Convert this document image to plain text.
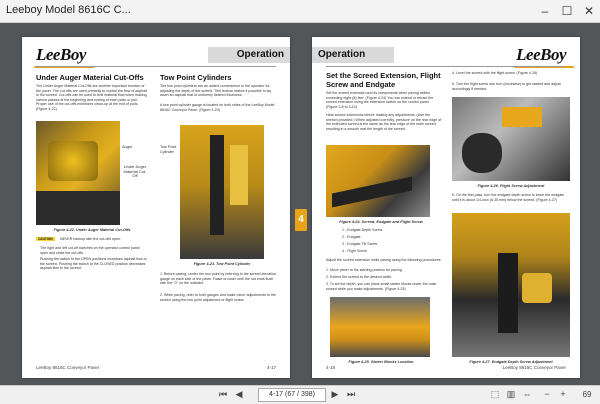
Leeboy Model 8616C C...	–	☐ ✕
LeeBoy	Operation
Under Auger Material Cut-Offs
The Under Auger Material Cut-Offs are another important function of the paver. The cut-offs are used primarily to control the flow of asphalt to the screed. Cut-offs can be used to limit material flow when making narrow passes at the beginning and ending of each pass or pull. Proper use of the cut-offs minimizes clean-up at the end of pulls. (Figure 4-22)
Auger
Under Auger Material Cut-Off
Figure 4-22. Under Auger Material Cut-Offs
CAUTION	NEVER backup with the cut-offs open.
The right and left cut-off switches on the operator control panel open and close the cut-offs.
Pushing the switch to the OPEN positions increases asphalt flow to the screed. Pushing the switch to the CLOSED position decreases asphalt flow to the screed.
Tow Point Cylinders
The tow point cylinders are an added convenience to the operator for adjusting the depth of the screed. This feature makes it possible to lay down an asphalt mat of uniformly desired thickness.
A tow point cylinder gauge is located on both sides of the LeeBoy Model 8616C Conveyor Paver. (Figure 4-23)
Tow Point Cylinder
Figure 4-23. Tow Point Cylinder
1. Before paving, center the tow point by referring to the screed elevation gauge on each side of the paver. Raise or lower until the rod ends flush with the "0" on the indicator.
2. While paving, refer to both gauges and make minor adjustments to the screed using the tow point adjustment or flight screw.
LeeBoy 8616C Conveyor Paver	4-17
4
Operation	LeeBoy
Set the Screed Extension, Flight Screw and Endgate
Set the screed extension and its components when paving widths exceeding eight (8) feet. (Figure 4-24) You can extend or retract the screed extension using the extension switch on the control panel. (Figure 3-8 to 3-10)
Heat screed extensions before making any adjustments. (Use the wrench provided.) When adjusted correctly, pressure on the rear edge of the extended screed is the same as the rear edge of the main screed, resulting in a smooth mat the length of the screed.
Figure 4-24. Screed, Endgate and Flight Screw
1 - Endgate Depth Screw
2 - Endgate
3 - Endgate Tilt Screw
4 - Flight Screw
Adjust the screed extension while paving using the following procedures:
1. Move paver to the starting position for paving.
2. Extend the screed to the desired width.
3. To set the depth, you can place small starter blocks under the main screed while you make adjustments. (Figure 4-25)
Figure 4-25. Starter Blocks Location
4. Level the screed with the flight screw. (Figure 4-26)
5. Turn the flight screw one turn (clockwise) to get started and adjust accordingly if needed.
Figure 4-26. Flight Screw Adjustment
6. On the first pass, turn the endgate depth screw to lower the endgate until it is about 1/4-inch (6.35 mm) below the screed. (Figure 4-27)
Figure 4-27. Endgate Depth Screw Adjustment
4-18	LeeBoy 8616C Conveyor Paver
⏮ ◀	4-17 (67 / 398)	▶ ⏭	⬚ ▥ ⇔	−	+	69
